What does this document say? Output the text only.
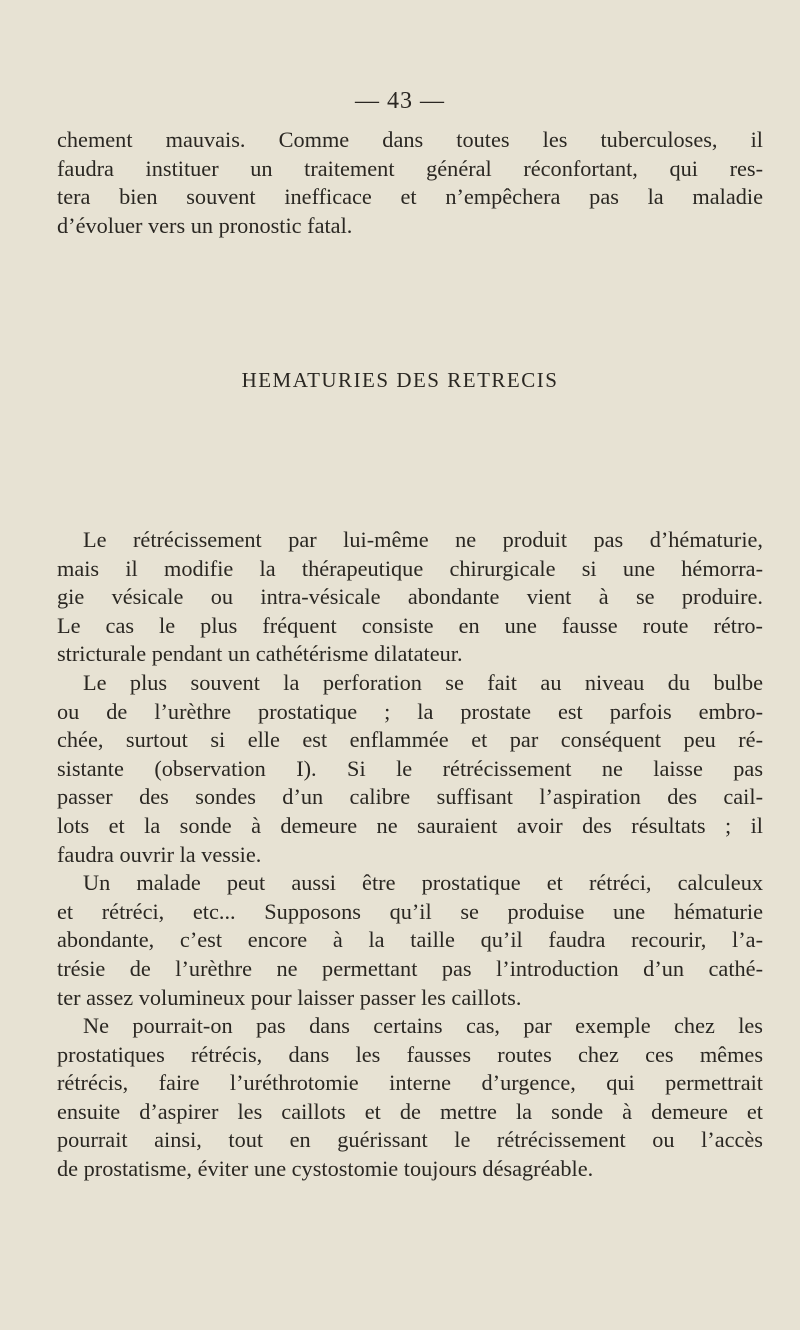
— 43 —
chement mauvais. Comme dans toutes les tuberculoses, il
faudra instituer un traitement général réconfortant, qui res-
tera bien souvent inefficace et n’empêchera pas la maladie
d’évoluer vers un pronostic fatal.
HEMATURIES DES RETRECIS
Le rétrécissement par lui-même ne produit pas d’hématurie,
mais il modifie la thérapeutique chirurgicale si une hémorra-
gie vésicale ou intra-vésicale abondante vient à se produire.
Le cas le plus fréquent consiste en une fausse route rétro-
stricturale pendant un cathétérisme dilatateur.
Le plus souvent la perforation se fait au niveau du bulbe
ou de l’urèthre prostatique ; la prostate est parfois embro-
chée, surtout si elle est enflammée et par conséquent peu ré-
sistante (observation I). Si le rétrécissement ne laisse pas
passer des sondes d’un calibre suffisant l’aspiration des cail-
lots et la sonde à demeure ne sauraient avoir des résultats ; il
faudra ouvrir la vessie.
Un malade peut aussi être prostatique et rétréci, calculeux
et rétréci, etc... Supposons qu’il se produise une hématurie
abondante, c’est encore à la taille qu’il faudra recourir, l’a-
trésie de l’urèthre ne permettant pas l’introduction d’un cathé-
ter assez volumineux pour laisser passer les caillots.
Ne pourrait-on pas dans certains cas, par exemple chez les
prostatiques rétrécis, dans les fausses routes chez ces mêmes
rétrécis, faire l’uréthrotomie interne d’urgence, qui permettrait
ensuite d’aspirer les caillots et de mettre la sonde à demeure et
pourrait ainsi, tout en guérissant le rétrécissement ou l’accès
de prostatisme, éviter une cystostomie toujours désagréable.
